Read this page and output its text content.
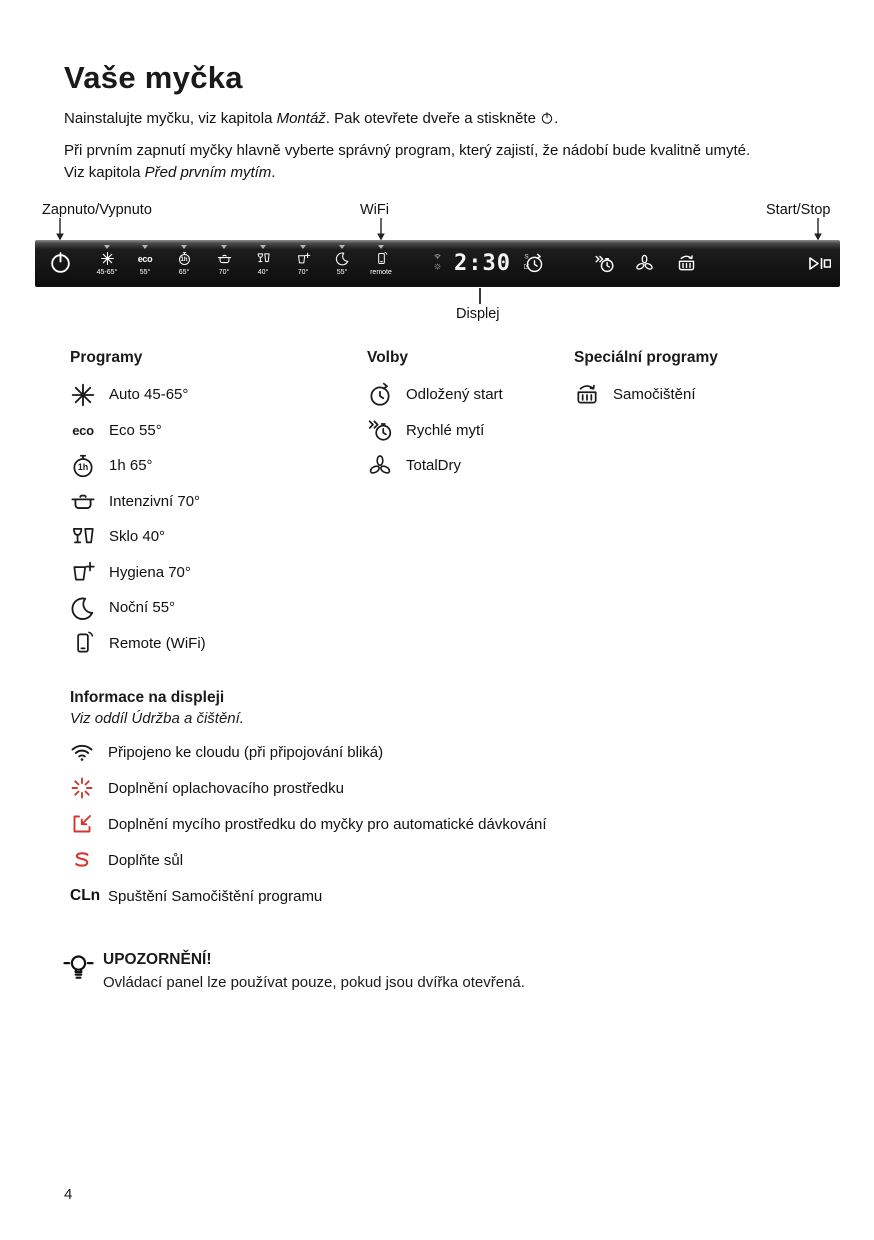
Vaše myčka

Nainstalujte myčku, viz kapitola Montáž. Pak otevřete dveře a stiskněte
.

Při prvním zapnutí myčky hlavně vyberte správný program, který zajistí, že nádobí bude kvalitně umyté.
Viz kapitola Před prvním mytím.

Zapnuto/Vypnuto	WiFi	Start/Stop
45-65°
eco
55°
1h
65°	70°	40°	70°	55°	remote	2:30
Displej
Programy
Auto 45-65°
eco Eco 55°
1h	1h 65°
Intenzivní 70°
Sklo 40°
Hygiena 70°
Noční 55°
Remote (WiFi)
Volby
Odložený start
Rychlé mytí
TotalDry
Speciální programy
Samočištění
Informace na displeji

Viz oddíl Údržba a čištění.

Připojeno ke cloudu (při připojování bliká)
Doplnění oplachovacího prostředku
Doplnění mycího prostředku do myčky pro automatické dávkování
Doplňte sůl
CLn Spuštění Samočištění programu
UPOZORNĚNÍ!

Ovládací panel lze používat pouze, pokud jsou dvířka otevřená.

4
